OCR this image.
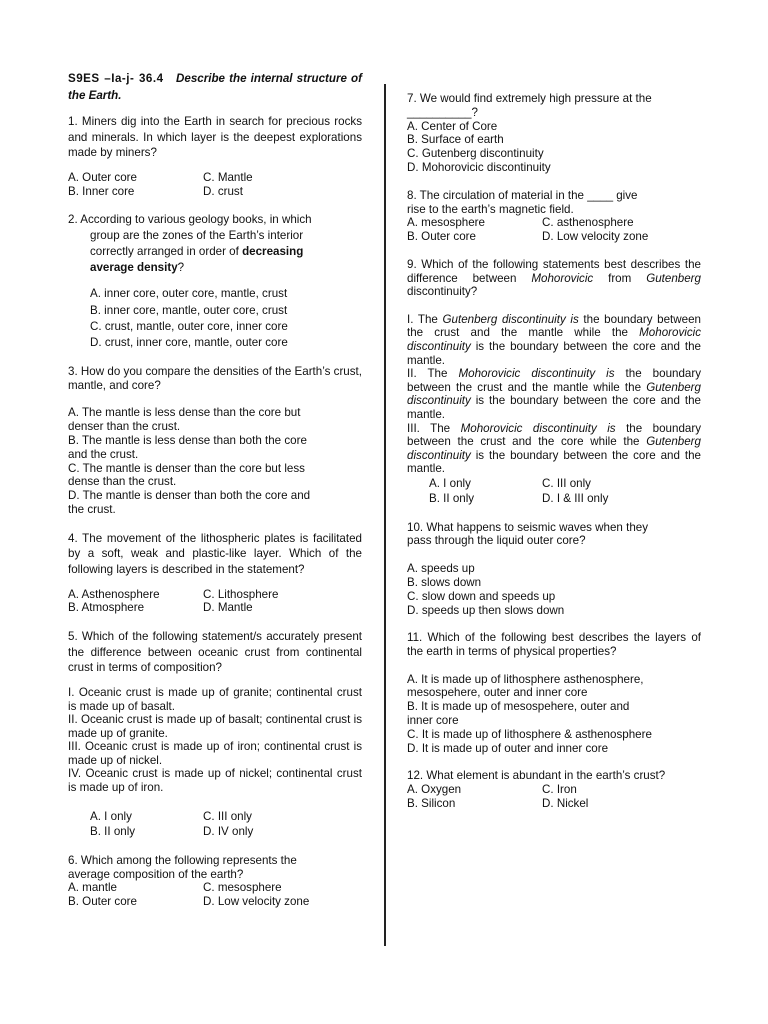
S9ES –Ia-j- 36.4 Describe the internal structure of the Earth.

1. Miners dig into the Earth in search for precious rocks and minerals. In which layer is the deepest explorations made by miners?

A. Outer core	C. Mantle
B. Inner core	D. crust
2. According to various geology books, in which
group are the zones of the Earth’s interior
correctly arranged in order of decreasing
average density?
A. inner core, outer core, mantle, crust
B. inner core, mantle, outer core, crust
C. crust, mantle, outer core, inner core
D. crust, inner core, mantle, outer core

3. How do you compare the densities of the Earth’s crust, mantle, and core?

A. The mantle is less dense than the core but
denser than the crust.
B. The mantle is less dense than both the core
and the crust.
C. The mantle is denser than the core but less
dense than the crust.
D. The mantle is denser than both the core and
the crust.

4. The movement of the lithospheric plates is facilitated by a soft, weak and plastic-like layer. Which of the following layers is described in the statement?

A. Asthenosphere	C. Lithosphere
B. Atmosphere	D. Mantle

5. Which of the following statement/s accurately present the difference between oceanic crust from continental crust in terms of composition?

I. Oceanic crust is made up of granite; continental crust is made up of basalt.
II. Oceanic crust is made up of basalt; continental crust is made up of granite.
III. Oceanic crust is made up of iron; continental crust is made up of nickel.
IV. Oceanic crust is made up of nickel; continental crust is made up of iron.
A. I only	C. III only
B. II only	D. IV only
6. Which among the following represents the
average composition of the earth?
A. mantle	C. mesosphere
B. Outer core	D. Low velocity zone
7. We would find extremely high pressure at the
__________?
A. Center of Core
B. Surface of earth
C. Gutenberg discontinuity
D. Mohorovicic discontinuity
8. The circulation of material in the ____ give
rise to the earth’s magnetic field.
A. mesosphere	C. asthenosphere
B. Outer core	D. Low velocity zone

9. Which of the following statements best describes the difference between Mohorovicic from Gutenberg discontinuity?

I. The Gutenberg discontinuity is the boundary between the crust and the mantle while the Mohorovicic discontinuity is the boundary between the core and the mantle.
II. The Mohorovicic discontinuity is the boundary between the crust and the mantle while the Gutenberg discontinuity is the boundary between the core and the mantle.
III. The Mohorovicic discontinuity is the boundary between the crust and the core while the Gutenberg discontinuity is the boundary between the core and the mantle.
A. I only	C. III only
B. II only	D. I & III only
10. What happens to seismic waves when they
pass through the liquid outer core?
A. speeds up
B. slows down
C. slow down and speeds up
D. speeds up then slows down

11. Which of the following best describes the layers of the earth in terms of physical properties?

A. It is made up of lithosphere asthenosphere,
mesospehere, outer and inner core
B. It is made up of mesospehere, outer and
inner core
C. It is made up of lithosphere & asthenosphere
D. It is made up of outer and inner core

12. What element is abundant in the earth’s crust?

A. Oxygen	C. Iron
B. Silicon	D. Nickel
